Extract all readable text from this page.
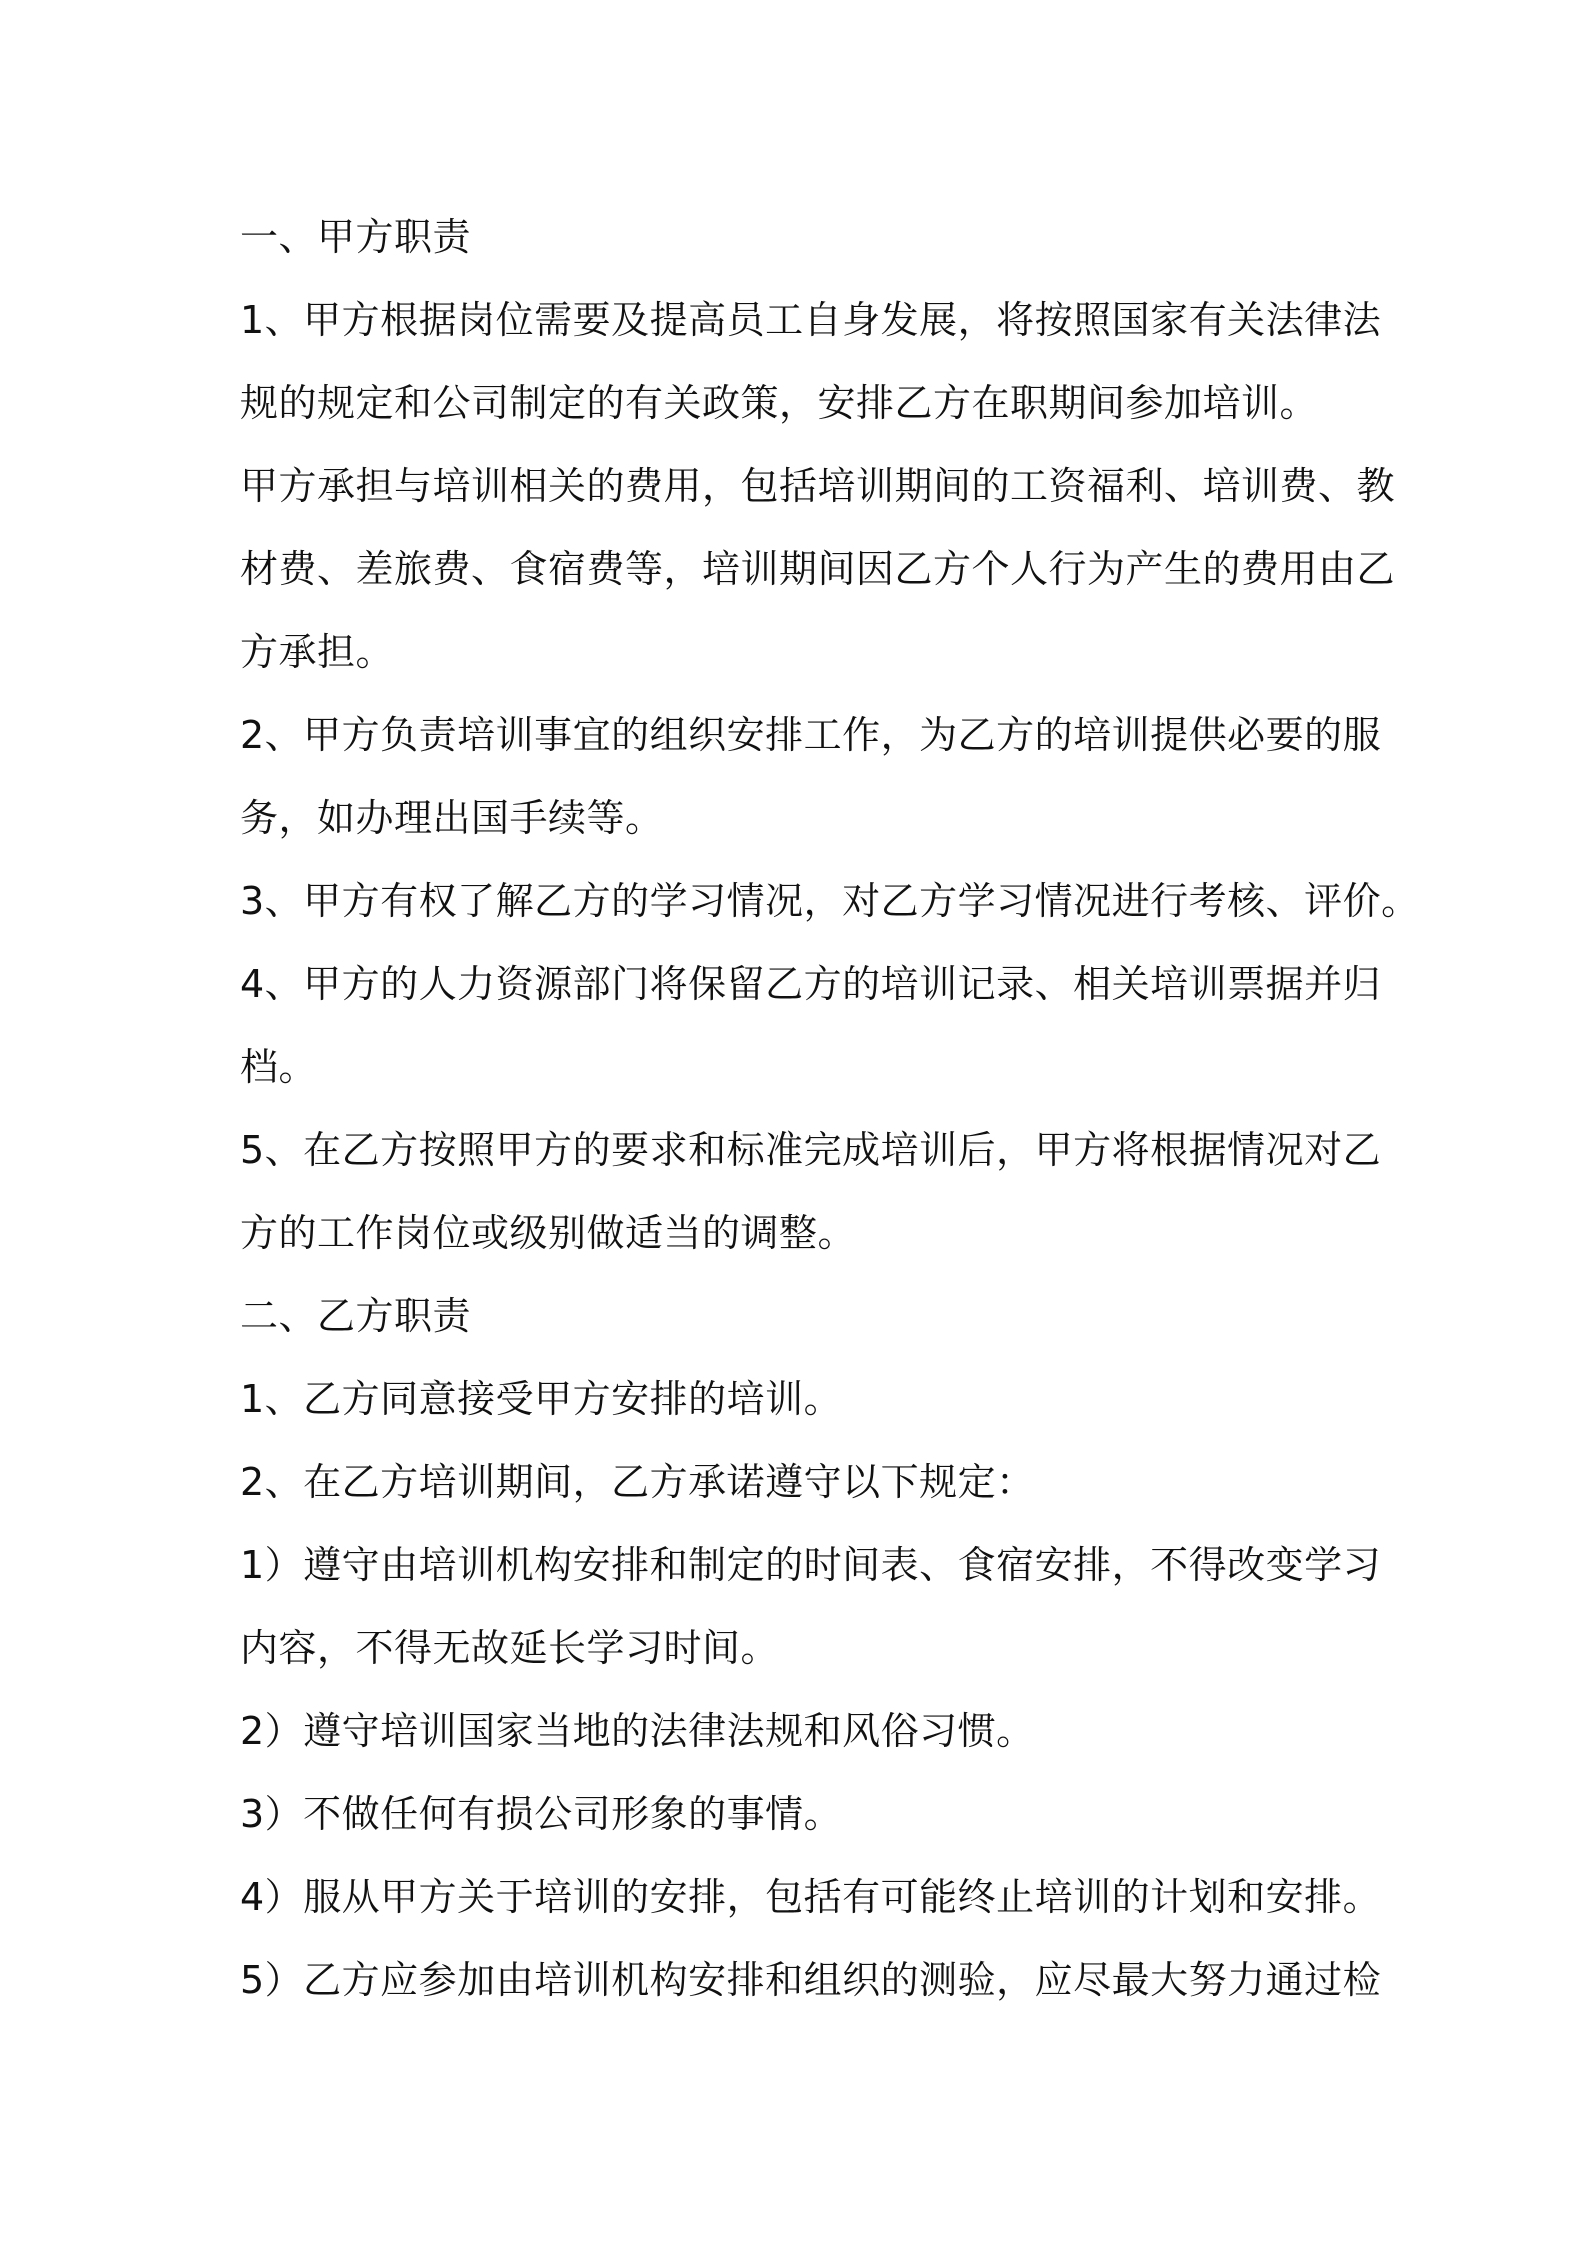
一、甲方职责
1、甲方根据岗位需要及提高员工自身发展，将按照国家有关法律法
规的规定和公司制定的有关政策，安排乙方在职期间参加培训。
甲方承担与培训相关的费用，包括培训期间的工资福利、培训费、教
材费、差旅费、食宿费等，培训期间因乙方个人行为产生的费用由乙
方承担。
2、甲方负责培训事宜的组织安排工作，为乙方的培训提供必要的服
务，如办理出国手续等。
3、甲方有权了解乙方的学习情况，对乙方学习情况进行考核、评价。
4、甲方的人力资源部门将保留乙方的培训记录、相关培训票据并归
档。
5、在乙方按照甲方的要求和标准完成培训后，甲方将根据情况对乙
方的工作岗位或级别做适当的调整。
二、乙方职责
1、乙方同意接受甲方安排的培训。
2、在乙方培训期间，乙方承诺遵守以下规定：
1）遵守由培训机构安排和制定的时间表、食宿安排，不得改变学习
内容，不得无故延长学习时间。
2）遵守培训国家当地的法律法规和风俗习惯。
3）不做任何有损公司形象的事情。
4）服从甲方关于培训的安排，包括有可能终止培训的计划和安排。
5）乙方应参加由培训机构安排和组织的测验，应尽最大努力通过检
